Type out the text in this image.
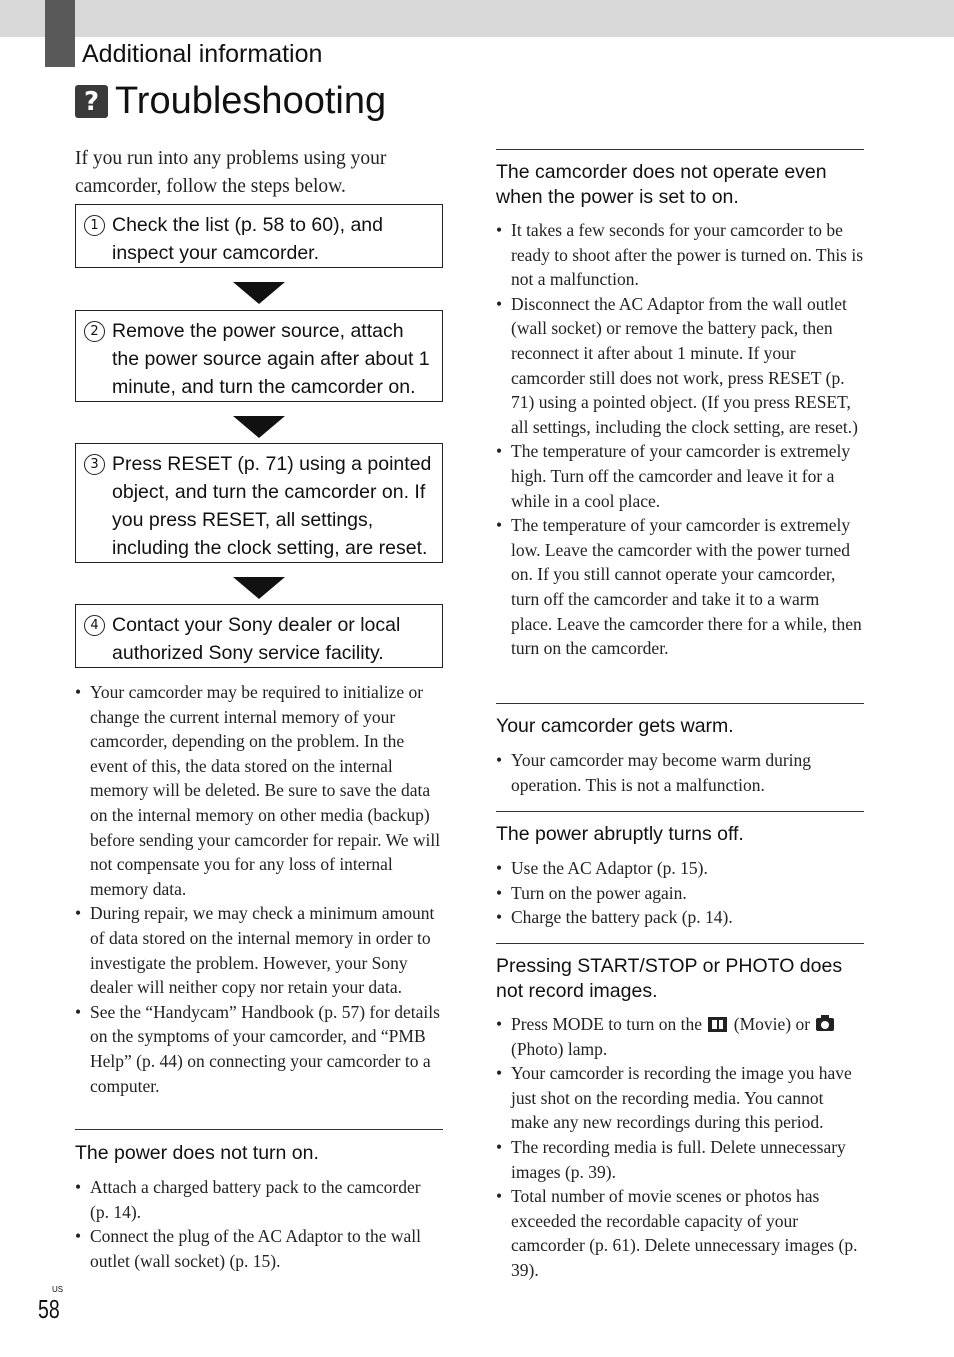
Additional information
? Troubleshooting
If you run into any problems using your camcorder, follow the steps below.
1 Check the list (p. 58 to 60), and inspect your camcorder.
2 Remove the power source, attach the power source again after about 1 minute, and turn the camcorder on.
3 Press RESET (p. 71) using a pointed object, and turn the camcorder on. If you press RESET, all settings, including the clock setting, are reset.
4 Contact your Sony dealer or local authorized Sony service facility.
• Your camcorder may be required to initialize or change the current internal memory of your camcorder, depending on the problem. In the event of this, the data stored on the internal memory will be deleted. Be sure to save the data on the internal memory on other media (backup) before sending your camcorder for repair. We will not compensate you for any loss of internal memory data.
• During repair, we may check a minimum amount of data stored on the internal memory in order to investigate the problem. However, your Sony dealer will neither copy nor retain your data.
• See the “Handycam” Handbook (p. 57) for details on the symptoms of your camcorder, and “PMB Help” (p. 44) on connecting your camcorder to a computer.
The power does not turn on.
• Attach a charged battery pack to the camcorder (p. 14).
• Connect the plug of the AC Adaptor to the wall outlet (wall socket) (p. 15).
The camcorder does not operate even when the power is set to on.
• It takes a few seconds for your camcorder to be ready to shoot after the power is turned on. This is not a malfunction.
• Disconnect the AC Adaptor from the wall outlet (wall socket) or remove the battery pack, then reconnect it after about 1 minute. If your camcorder still does not work, press RESET (p. 71) using a pointed object. (If you press RESET, all settings, including the clock setting, are reset.)
• The temperature of your camcorder is extremely high. Turn off the camcorder and leave it for a while in a cool place.
• The temperature of your camcorder is extremely low. Leave the camcorder with the power turned on. If you still cannot operate your camcorder, turn off the camcorder and take it to a warm place. Leave the camcorder there for a while, then turn on the camcorder.
Your camcorder gets warm.
• Your camcorder may become warm during operation. This is not a malfunction.
The power abruptly turns off.
• Use the AC Adaptor (p. 15).
• Turn on the power again.
• Charge the battery pack (p. 14).
Pressing START/STOP or PHOTO does not record images.
• Press MODE to turn on the (Movie) or  (Photo) lamp.
• Your camcorder is recording the image you have just shot on the recording media. You cannot make any new recordings during this period.
• The recording media is full. Delete unnecessary images (p. 39).
• Total number of movie scenes or photos has exceeded the recordable capacity of your camcorder (p. 61). Delete unnecessary images (p. 39).
US
58
